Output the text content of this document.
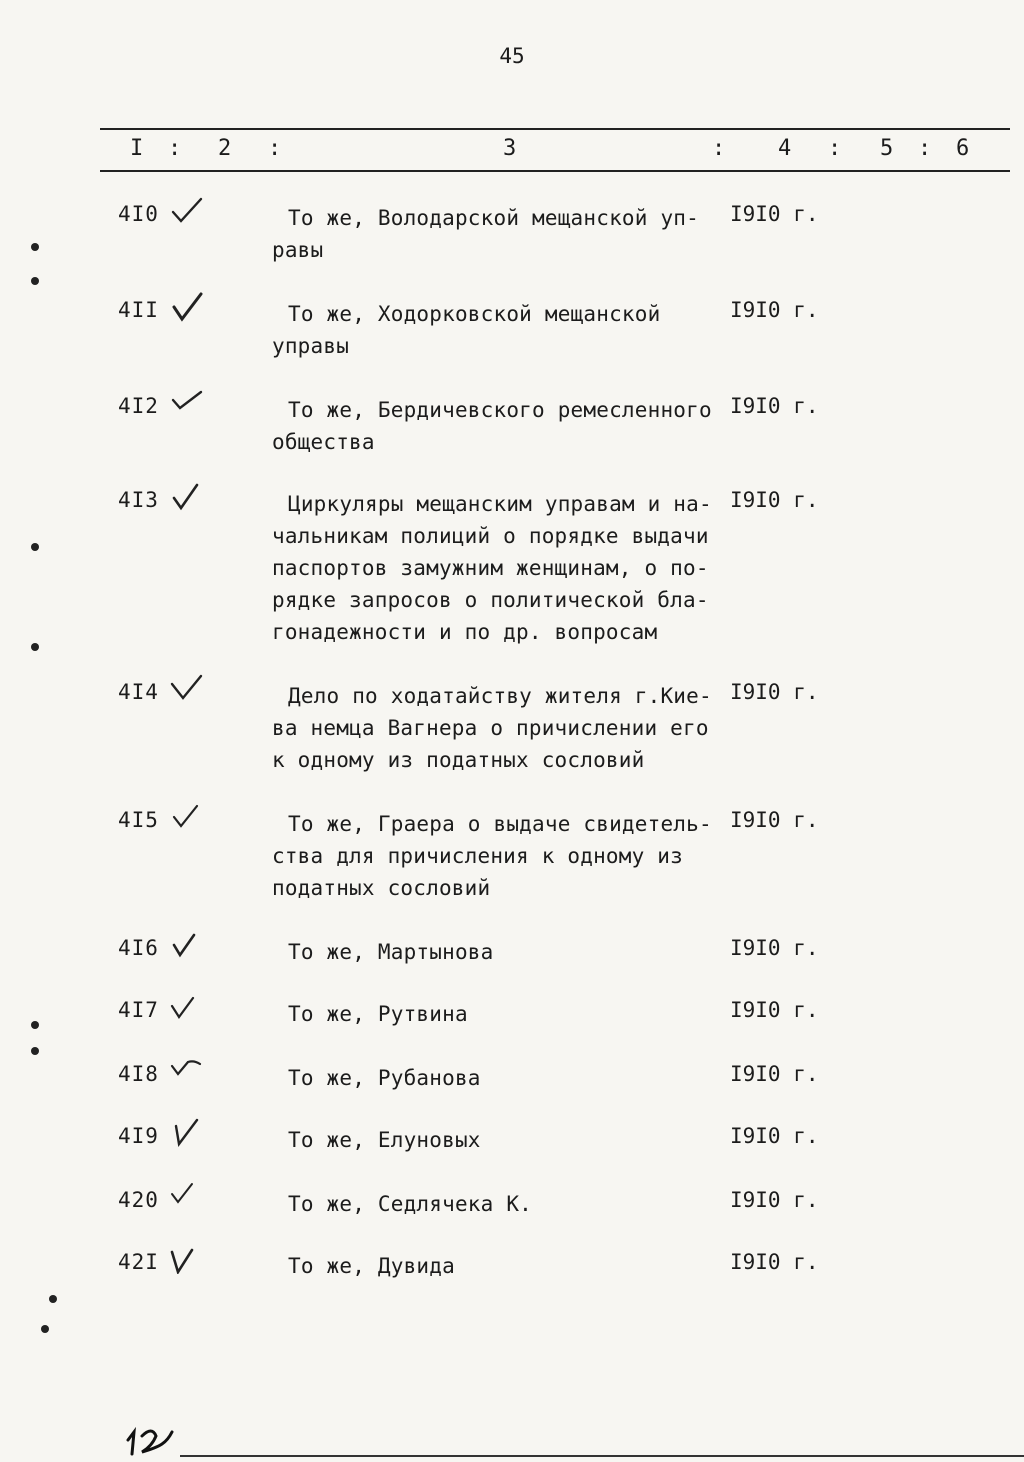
45
I : 2 :	3	: 4 : 5 : 6
4I0	То же, Володарской мещанской уп-
равы
I9I0 г.
4II	То же, Ходорковской мещанской
управы
I9I0 г.
4I2	То же, Бердичевского ремесленного
общества
I9I0 г.
4I3	Циркуляры мещанским управам и на-
чальникам полиций о порядке выдачи
паспортов замужним женщинам, о по-
рядке запросов о политической бла-
гонадежности и по др. вопросам
I9I0 г.
4I4	Дело по ходатайству жителя г.Кие-
ва немца Вагнера о причислении его
к одному из податных сословий
I9I0 г.
4I5	То же, Граера о выдаче свидетель-
ства для причисления к одному из
податных сословий
I9I0 г.
4I6	То же, Мартынова	I9I0 г.
4I7	То же, Рутвина	I9I0 г.
4I8	То же, Рубанова	I9I0 г.
4I9	То же, Елуновых	I9I0 г.
420	То же, Седлячека К.	I9I0 г.
42I	То же, Дувида	I9I0 г.
